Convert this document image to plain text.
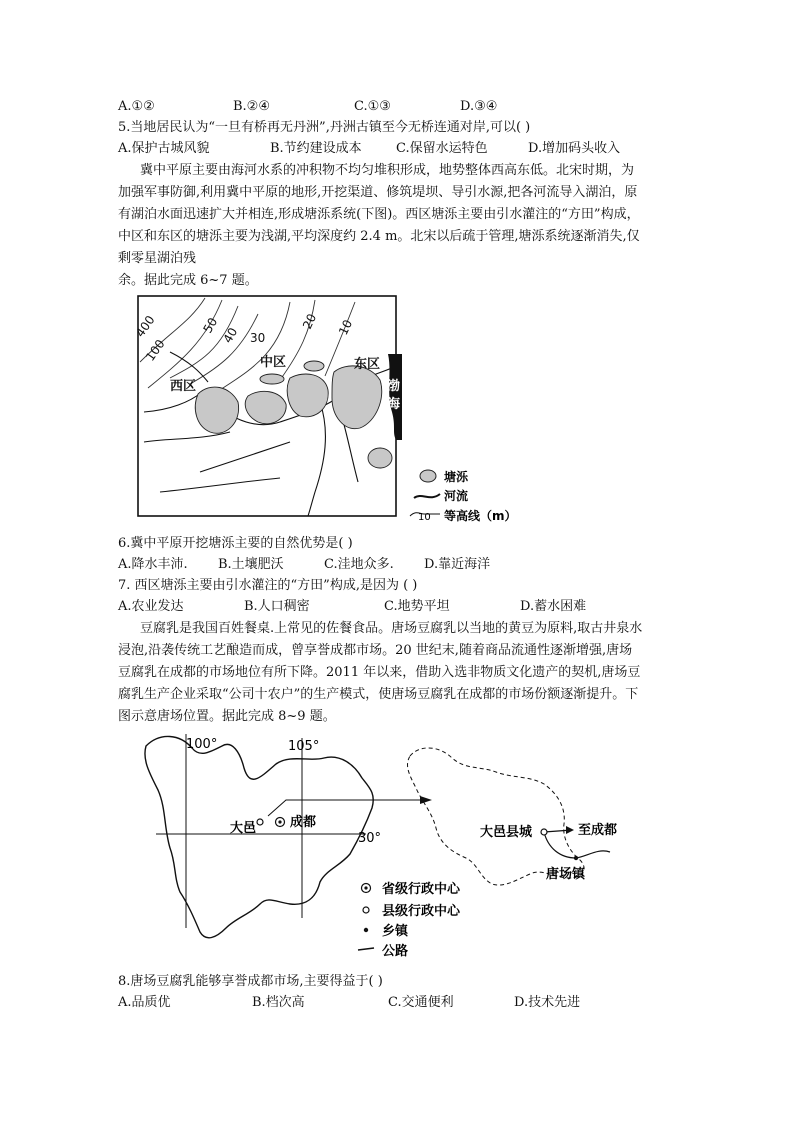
A.①②	B.②④	C.①③	D.③④
5.当地居民认为“一旦有桥再无丹洲”,丹洲古镇至今无桥连通对岸,可以( )
A.保护古城风貌	B.节约建设成本	C.保留水运特色	D.增加码头收入
冀中平原主要由海河水系的冲积物不均匀堆积形成，地势整体西高东低。北宋时期，为
加强军事防御,利用冀中平原的地形,开挖渠道、修筑堤坝、导引水源,把各河流导入湖泊，原
有湖泊水面迅速扩大并相连,形成塘泺系统(下图)。西区塘泺主要由引水灌注的“方田”构成，
中区和东区的塘泺主要为浅湖,平均深度约 2.4 m。北宋以后疏于管理,塘泺系统逐渐消失,仅
剩零星湖泊残
余。据此完成 6~7 题。
西区
中区	东区
渤
海
400
100
50 40 30
20 10
塘泺
河流
10 等高线（m）
6.冀中平原开挖塘泺主要的自然优势是( )
A.降水丰沛. B.土壤肥沃	C.洼地众多. D.靠近海洋
7. 西区塘泺主要由引水灌注的“方田”构成,是因为 ( )
A.农业发达	B.人口稠密	C.地势平坦	D.蓄水困难
豆腐乳是我国百姓餐桌.上常见的佐餐食品。唐场豆腐乳以当地的黄豆为原料,取古井泉水
浸泡,沿袭传统工艺酿造而成，曾享誉成都市场。20 世纪末,随着商品流通性逐渐增强,唐场
豆腐乳在成都的市场地位有所下降。2011 年以来，借助入选非物质文化遗产的契机,唐场豆
腐乳生产企业采取“公司十农户”的生产模式，使唐场豆腐乳在成都的市场份额逐渐提升。下
图示意唐场位置。据此完成 8~9 题。
100°	105°
30°
大邑	成都
大邑县城	至成都
唐场镇
省级行政中心
县级行政中心
乡镇
公路
8.唐场豆腐乳能够享誉成都市场,主要得益于( )
A.品质优	B.档次高	C.交通便利	D.技术先进
